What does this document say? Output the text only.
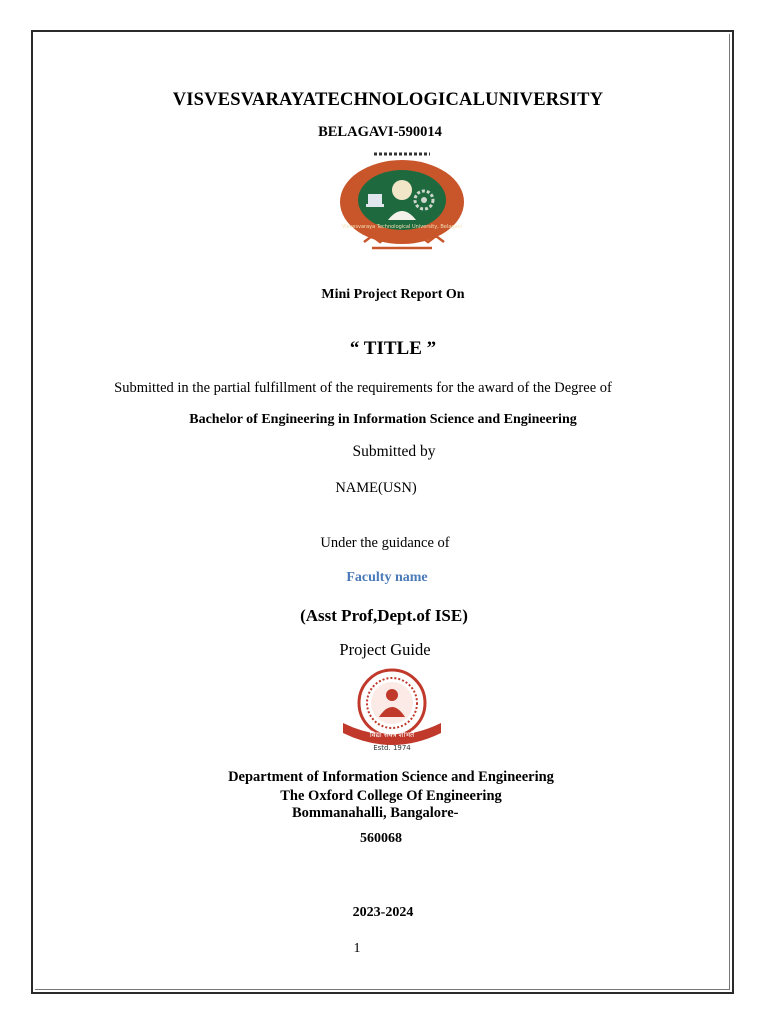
VISVESVARAYATECHNOLOGICALUNIVERSITY
BELAGAVI-590014
Visvesvaraya Technological University, Belagavi
Mini Project Report On
“ TITLE ”
Submitted in the partial fulfillment of the requirements for the award of the Degree of
Bachelor of Engineering in Information Science and Engineering
Submitted by
NAME(USN)
Under the guidance of
Faculty name
(Asst Prof,Dept.of ISE)
Project Guide
विद्या सर्वत्र शोभते
Estd. 1974
Department of Information Science and Engineering
The Oxford College Of Engineering
Bommanahalli, Bangalore-
560068
2023-2024
1
